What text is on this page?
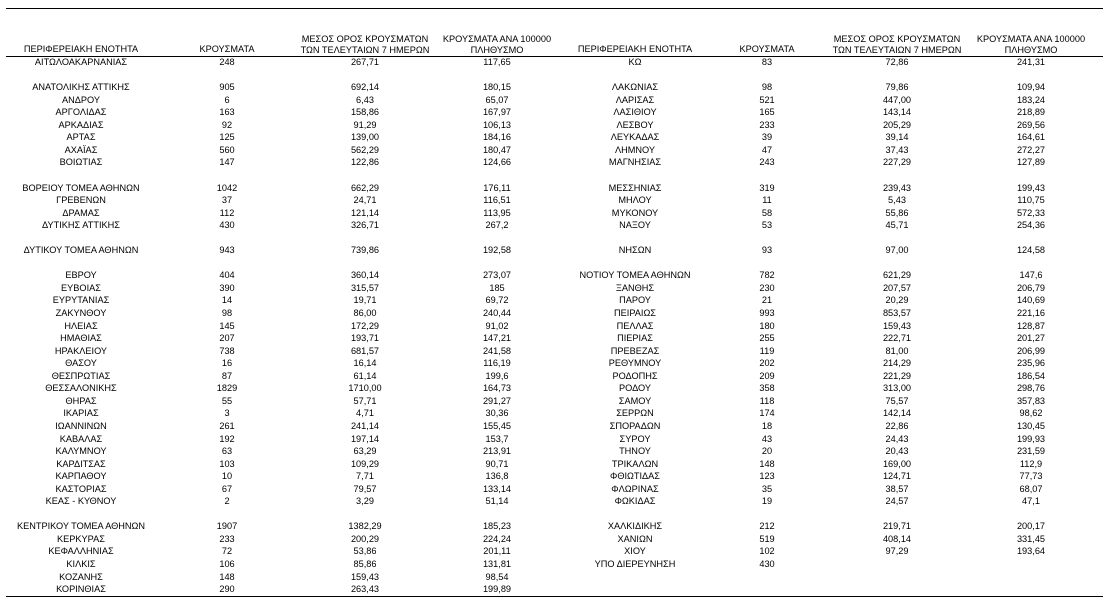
ΠΕΡΙΦΕΡΕΙΑΚΗ ΕΝΟΤΗΤΑ	ΚΡΟΥΣΜΑΤΑ
ΜΕΣΟΣ ΟΡΟΣ ΚΡΟΥΣΜΑΤΩΝ
ΤΩΝ ΤΕΛΕΥΤΑΙΩΝ 7 ΗΜΕΡΩΝ
ΚΡΟΥΣΜΑΤΑ ΑΝΑ 100000
ΠΛΗΘΥΣΜΟ	ΠΕΡΙΦΕΡΕΙΑΚΗ ΕΝΟΤΗΤΑ	ΚΡΟΥΣΜΑΤΑ
ΜΕΣΟΣ ΟΡΟΣ ΚΡΟΥΣΜΑΤΩΝ
ΤΩΝ ΤΕΛΕΥΤΑΙΩΝ 7 ΗΜΕΡΩΝ
ΚΡΟΥΣΜΑΤΑ ΑΝΑ 100000
ΠΛΗΘΥΣΜΟ
ΑΙΤΩΛΟΑΚΑΡΝΑΝΙΑΣ	248	267,71	117,65
ΑΝΑΤΟΛΙΚΗΣ ΑΤΤΙΚΗΣ	905	692,14	180,15
ΑΝΔΡΟΥ	6	6,43	65,07
ΑΡΓΟΛΙΔΑΣ	163	158,86	167,97
ΑΡΚΑΔΙΑΣ	92	91,29	106,13
ΑΡΤΑΣ	125	139,00	184,16
ΑΧΑΪΑΣ	560	562,29	180,47
ΒΟΙΩΤΙΑΣ	147	122,86	124,66
ΒΟΡΕΙΟΥ ΤΟΜΕΑ ΑΘΗΝΩΝ	1042	662,29	176,11
ΓΡΕΒΕΝΩΝ	37	24,71	116,51
ΔΡΑΜΑΣ	112	121,14	113,95
ΔΥΤΙΚΗΣ ΑΤΤΙΚΗΣ	430	326,71	267,2
ΔΥΤΙΚΟΥ ΤΟΜΕΑ ΑΘΗΝΩΝ	943	739,86	192,58
ΕΒΡΟΥ	404	360,14	273,07
ΕΥΒΟΙΑΣ	390	315,57	185
ΕΥΡΥΤΑΝΙΑΣ	14	19,71	69,72
ΖΑΚΥΝΘΟΥ	98	86,00	240,44
ΗΛΕΙΑΣ	145	172,29	91,02
ΗΜΑΘΙΑΣ	207	193,71	147,21
ΗΡΑΚΛΕΙΟΥ	738	681,57	241,58
ΘΑΣΟΥ	16	16,14	116,19
ΘΕΣΠΡΩΤΙΑΣ	87	61,14	199,6
ΘΕΣΣΑΛΟΝΙΚΗΣ	1829	1710,00	164,73
ΘΗΡΑΣ	55	57,71	291,27
ΙΚΑΡΙΑΣ	3	4,71	30,36
ΙΩΑΝΝΙΝΩΝ	261	241,14	155,45
ΚΑΒΑΛΑΣ	192	197,14	153,7
ΚΑΛΥΜΝΟΥ	63	63,29	213,91
ΚΑΡΔΙΤΣΑΣ	103	109,29	90,71
ΚΑΡΠΑΘΟΥ	10	7,71	136,8
ΚΑΣΤΟΡΙΑΣ	67	79,57	133,14
ΚΕΑΣ - ΚΥΘΝΟΥ	2	3,29	51,14
ΚΕΝΤΡΙΚΟΥ ΤΟΜΕΑ ΑΘΗΝΩΝ	1907	1382,29	185,23
ΚΕΡΚΥΡΑΣ	233	200,29	224,24
ΚΕΦΑΛΛΗΝΙΑΣ	72	53,86	201,11
ΚΙΛΚΙΣ	106	85,86	131,81
ΚΟΖΑΝΗΣ	148	159,43	98,54
ΚΟΡΙΝΘΙΑΣ	290	263,43	199,89
ΚΩ	83	72,86	241,31
ΛΑΚΩΝΙΑΣ	98	79,86	109,94
ΛΑΡΙΣΑΣ	521	447,00	183,24
ΛΑΣΙΘΙΟΥ	165	143,14	218,89
ΛΕΣΒΟΥ	233	205,29	269,56
ΛΕΥΚΑΔΑΣ	39	39,14	164,61
ΛΗΜΝΟΥ	47	37,43	272,27
ΜΑΓΝΗΣΙΑΣ	243	227,29	127,89
ΜΕΣΣΗΝΙΑΣ	319	239,43	199,43
ΜΗΛΟΥ	11	5,43	110,75
ΜΥΚΟΝΟΥ	58	55,86	572,33
ΝΑΞΟΥ	53	45,71	254,36
ΝΗΣΩΝ	93	97,00	124,58
ΝΟΤΙΟΥ ΤΟΜΕΑ ΑΘΗΝΩΝ	782	621,29	147,6
ΞΑΝΘΗΣ	230	207,57	206,79
ΠΑΡΟΥ	21	20,29	140,69
ΠΕΙΡΑΙΩΣ	993	853,57	221,16
ΠΕΛΛΑΣ	180	159,43	128,87
ΠΙΕΡΙΑΣ	255	222,71	201,27
ΠΡΕΒΕΖΑΣ	119	81,00	206,99
ΡΕΘΥΜΝΟΥ	202	214,29	235,96
ΡΟΔΟΠΗΣ	209	221,29	186,54
ΡΟΔΟΥ	358	313,00	298,76
ΣΑΜΟΥ	118	75,57	357,83
ΣΕΡΡΩΝ	174	142,14	98,62
ΣΠΟΡΑΔΩΝ	18	22,86	130,45
ΣΥΡΟΥ	43	24,43	199,93
ΤΗΝΟΥ	20	20,43	231,59
ΤΡΙΚΑΛΩΝ	148	169,00	112,9
ΦΘΙΩΤΙΔΑΣ	123	124,71	77,73
ΦΛΩΡΙΝΑΣ	35	38,57	68,07
ΦΩΚΙΔΑΣ	19	24,57	47,1
ΧΑΛΚΙΔΙΚΗΣ	212	219,71	200,17
ΧΑΝΙΩΝ	519	408,14	331,45
ΧΙΟΥ	102	97,29	193,64
ΥΠΟ ΔΙΕΡΕΥΝΗΣΗ	430
